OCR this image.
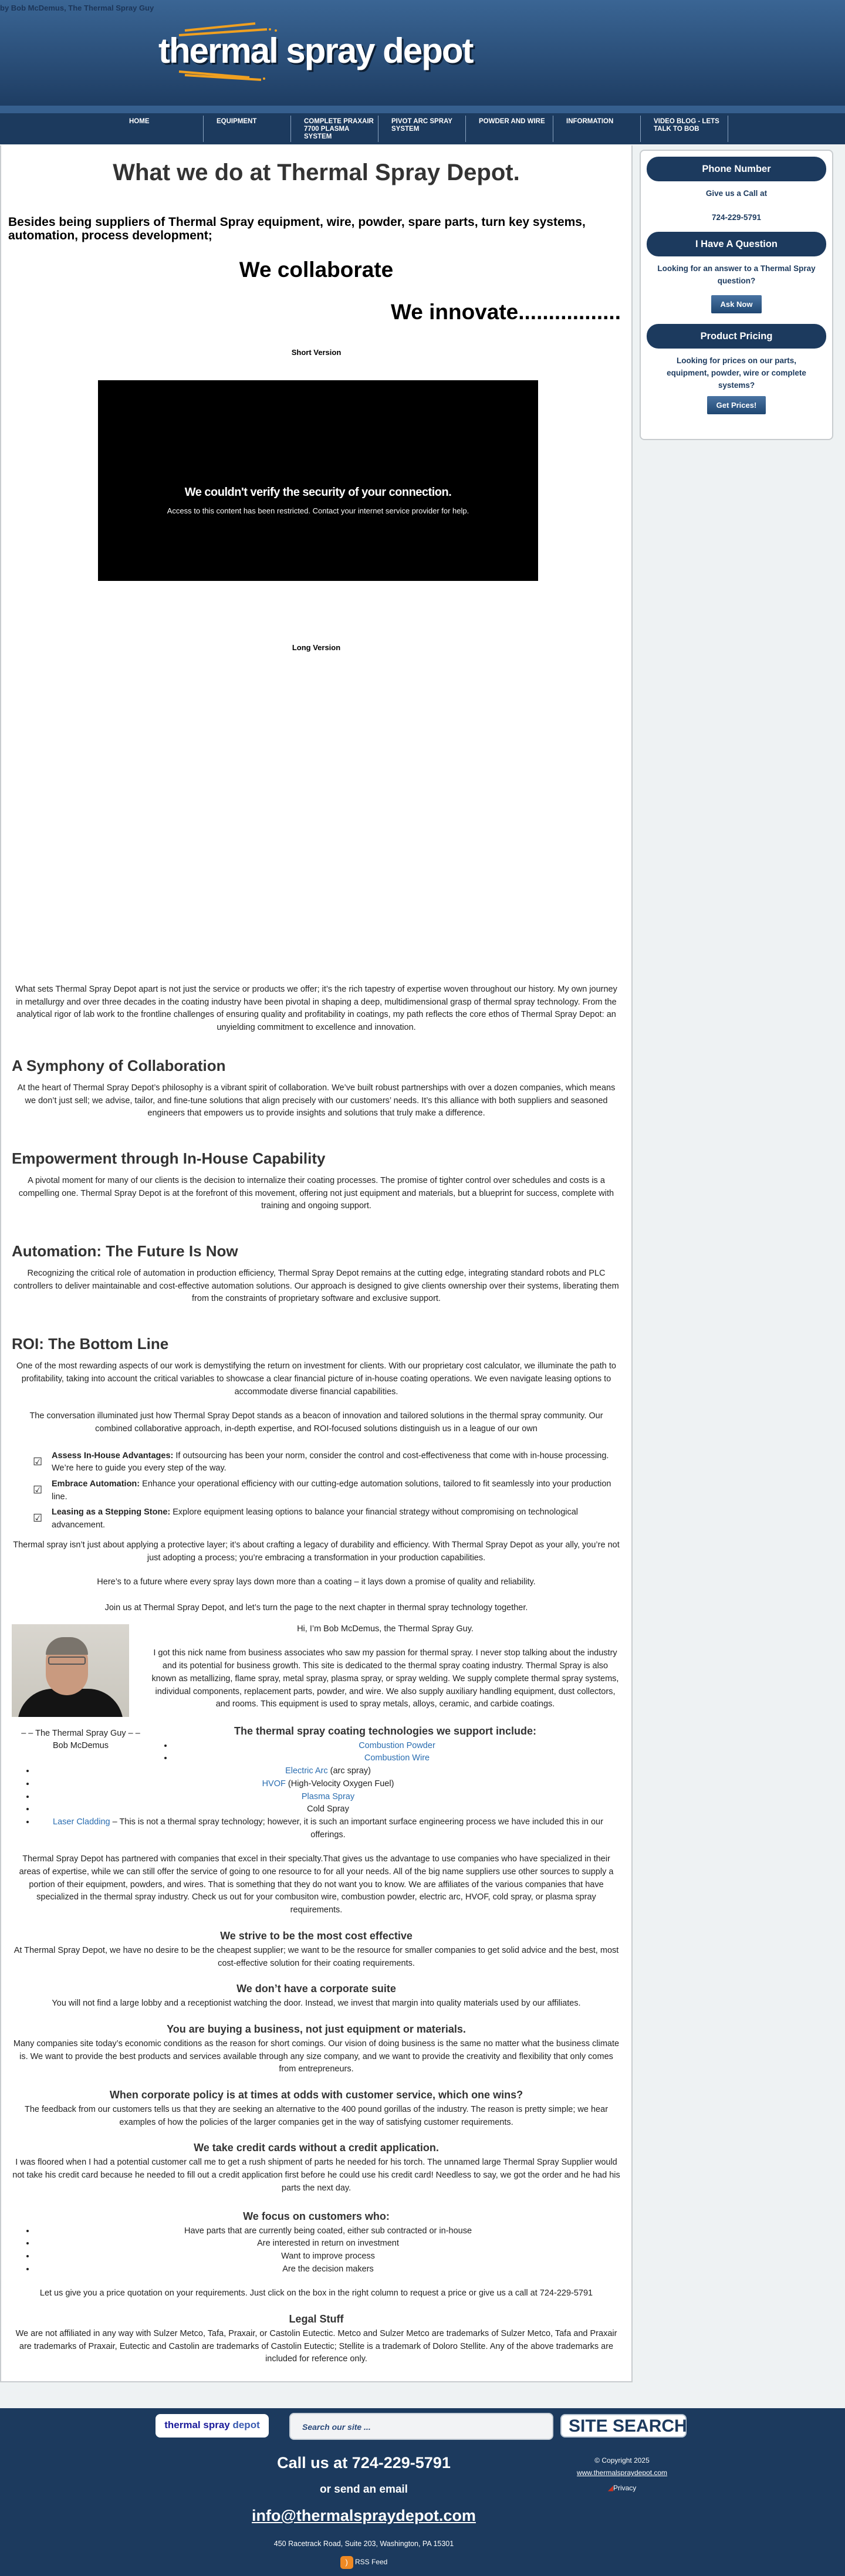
by Bob McDemus, The Thermal Spray Guy
thermal spray depot
HOME	EQUIPMENT	COMPLETE PRAXAIR 7700 PLASMA SYSTEM
PIVOT ARC SPRAY SYSTEM
POWDER AND WIRE	INFORMATION	VIDEO BLOG - LETS TALK TO BOB
What we do at Thermal Spray Depot.
Besides being suppliers of Thermal Spray equipment, wire, powder, spare parts, turn key systems, automation, process development;
We collaborate
We innovate.................
Short Version
We couldn't verify the security of your connection.
Access to this content has been restricted. Contact your internet service provider for help.
Long Version

What sets Thermal Spray Depot apart is not just the service or products we offer; it’s the rich tapestry of expertise woven throughout our history. My own journey in metallurgy and over three decades in the coating industry have been pivotal in shaping a deep, multidimensional grasp of thermal spray technology. From the analytical rigor of lab work to the frontline challenges of ensuring quality and profitability in coatings, my path reflects the core ethos of Thermal Spray Depot: an unyielding commitment to excellence and innovation.

A Symphony of Collaboration

At the heart of Thermal Spray Depot’s philosophy is a vibrant spirit of collaboration. We’ve built robust partnerships with over a dozen companies, which means we don’t just sell; we advise, tailor, and fine-tune solutions that align precisely with our customers’ needs. It’s this alliance with both suppliers and seasoned engineers that empowers us to provide insights and solutions that truly make a difference.

Empowerment through In-House Capability

A pivotal moment for many of our clients is the decision to internalize their coating processes. The promise of tighter control over schedules and costs is a compelling one. Thermal Spray Depot is at the forefront of this movement, offering not just equipment and materials, but a blueprint for success, complete with training and ongoing support.

Automation: The Future Is Now

Recognizing the critical role of automation in production efficiency, Thermal Spray Depot remains at the cutting edge, integrating standard robots and PLC controllers to deliver maintainable and cost-effective automation solutions. Our approach is designed to give clients ownership over their systems, liberating them from the constraints of proprietary software and exclusive support.

ROI: The Bottom Line

One of the most rewarding aspects of our work is demystifying the return on investment for clients. With our proprietary cost calculator, we illuminate the path to profitability, taking into account the critical variables to showcase a clear financial picture of in-house coating operations. We even navigate leasing options to accommodate diverse financial capabilities.

The conversation illuminated just how Thermal Spray Depot stands as a beacon of innovation and tailored solutions in the thermal spray community. Our combined collaborative approach, in-depth expertise, and ROI-focused solutions distinguish us in a league of our own

☑	Assess In-House Advantages: If outsourcing has been your norm, consider the control and cost-effectiveness that come with in-house processing. We’re here to guide you every step of the way.
☑	Embrace Automation: Enhance your operational efficiency with our cutting-edge automation solutions, tailored to fit seamlessly into your production line.
☑	Leasing as a Stepping Stone: Explore equipment leasing options to balance your financial strategy without compromising on technological advancement.

Thermal spray isn’t just about applying a protective layer; it’s about crafting a legacy of durability and efficiency. With Thermal Spray Depot as your ally, you’re not just adopting a process; you’re embracing a transformation in your production capabilities.

Here’s to a future where every spray lays down more than a coating – it lays down a promise of quality and reliability.

Join us at Thermal Spray Depot, and let’s turn the page to the next chapter in thermal spray technology together.

Hi, I’m Bob McDemus, the Thermal Spray Guy.

I got this nick name from business associates who saw my passion for thermal spray. I never stop talking about the industry and its potential for business growth. This site is dedicated to the thermal spray coating industry. Thermal Spray is also known as metallizing, flame spray, metal spray, plasma spray, or spray welding. We supply complete thermal spray systems, individual components, replacement parts, powder, and wire. We also supply auxiliary handling equipment, dust collectors, and rooms. This equipment is used to spray metals, alloys, ceramic, and carbide coatings.

– – The Thermal Spray Guy – –
Bob McDemus
The thermal spray coating technologies we support include:
• Combustion Powder
• Combustion Wire
• Electric Arc (arc spray)
• HVOF (High-Velocity Oxygen Fuel)
• Plasma Spray
• Cold Spray
• Laser Cladding – This is not a thermal spray technology; however, it is such an important surface engineering process we have included this in our offerings.

Thermal Spray Depot has partnered with companies that excel in their specialty.That gives us the advantage to use companies who have specialized in their areas of expertise, while we can still offer the service of going to one resource to for all your needs. All of the big name suppliers use other sources to supply a portion of their equipment, powders, and wires. That is something that they do not want you to know. We are affiliates of the various companies that have specialized in the thermal spray industry. Check us out for your combusiton wire, combustion powder, electric arc, HVOF, cold spray, or plasma spray requirements.

We strive to be the most cost effective

At Thermal Spray Depot, we have no desire to be the cheapest supplier; we want to be the resource for smaller companies to get solid advice and the best, most cost-effective solution for their coating requirements.

We don’t have a corporate suite

You will not find a large lobby and a receptionist watching the door. Instead, we invest that margin into quality materials used by our affiliates.

You are buying a business, not just equipment or materials.

Many companies site today’s economic conditions as the reason for short comings. Our vision of doing business is the same no matter what the business climate is. We want to provide the best products and services available through any size company, and we want to provide the creativity and flexibility that only comes from entrepreneurs.

When corporate policy is at times at odds with customer service, which one wins?

The feedback from our customers tells us that they are seeking an alternative to the 400 pound gorillas of the industry. The reason is pretty simple; we hear examples of how the policies of the larger companies get in the way of satisfying customer requirements.

We take credit cards without a credit application.

I was floored when I had a potential customer call me to get a rush shipment of parts he needed for his torch. The unnamed large Thermal Spray Supplier would not take his credit card because he needed to fill out a credit application first before he could use his credit card! Needless to say, we got the order and he had his parts the next day.

We focus on customers who:
• Have parts that are currently being coated, either sub contracted or in-house
• Are interested in return on investment
• Want to improve process
• Are the decision makers

Let us give you a price quotation on your requirements. Just click on the box in the right column to request a price or give us a call at 724-229-5791

Legal Stuff

We are not affiliated in any way with Sulzer Metco, Tafa, Praxair, or Castolin Eutectic. Metco and Sulzer Metco are trademarks of Sulzer Metco, Tafa and Praxair are trademarks of Praxair, Eutectic and Castolin are trademarks of Castolin Eutectic; Stellite is a trademark of Doloro Stellite. Any of the above trademarks are included for reference only.

Phone Number
Give us a Call at
724-229-5791
I Have A Question
Looking for an answer to a Thermal Spray question?
Ask Now
Product Pricing
Looking for prices on our parts, equipment, powder, wire or complete systems?
Get Prices!
thermal spray depot	Search our site ...	SITE SEARCH
Call us at 724-229-5791
or send an email
info@thermalspraydepot.com
450 Racetrack Road, Suite 203, Washington, PA 15301
) RSS Feed
© Copyright 2025
www.thermalspraydepot.com
◢Privacy
